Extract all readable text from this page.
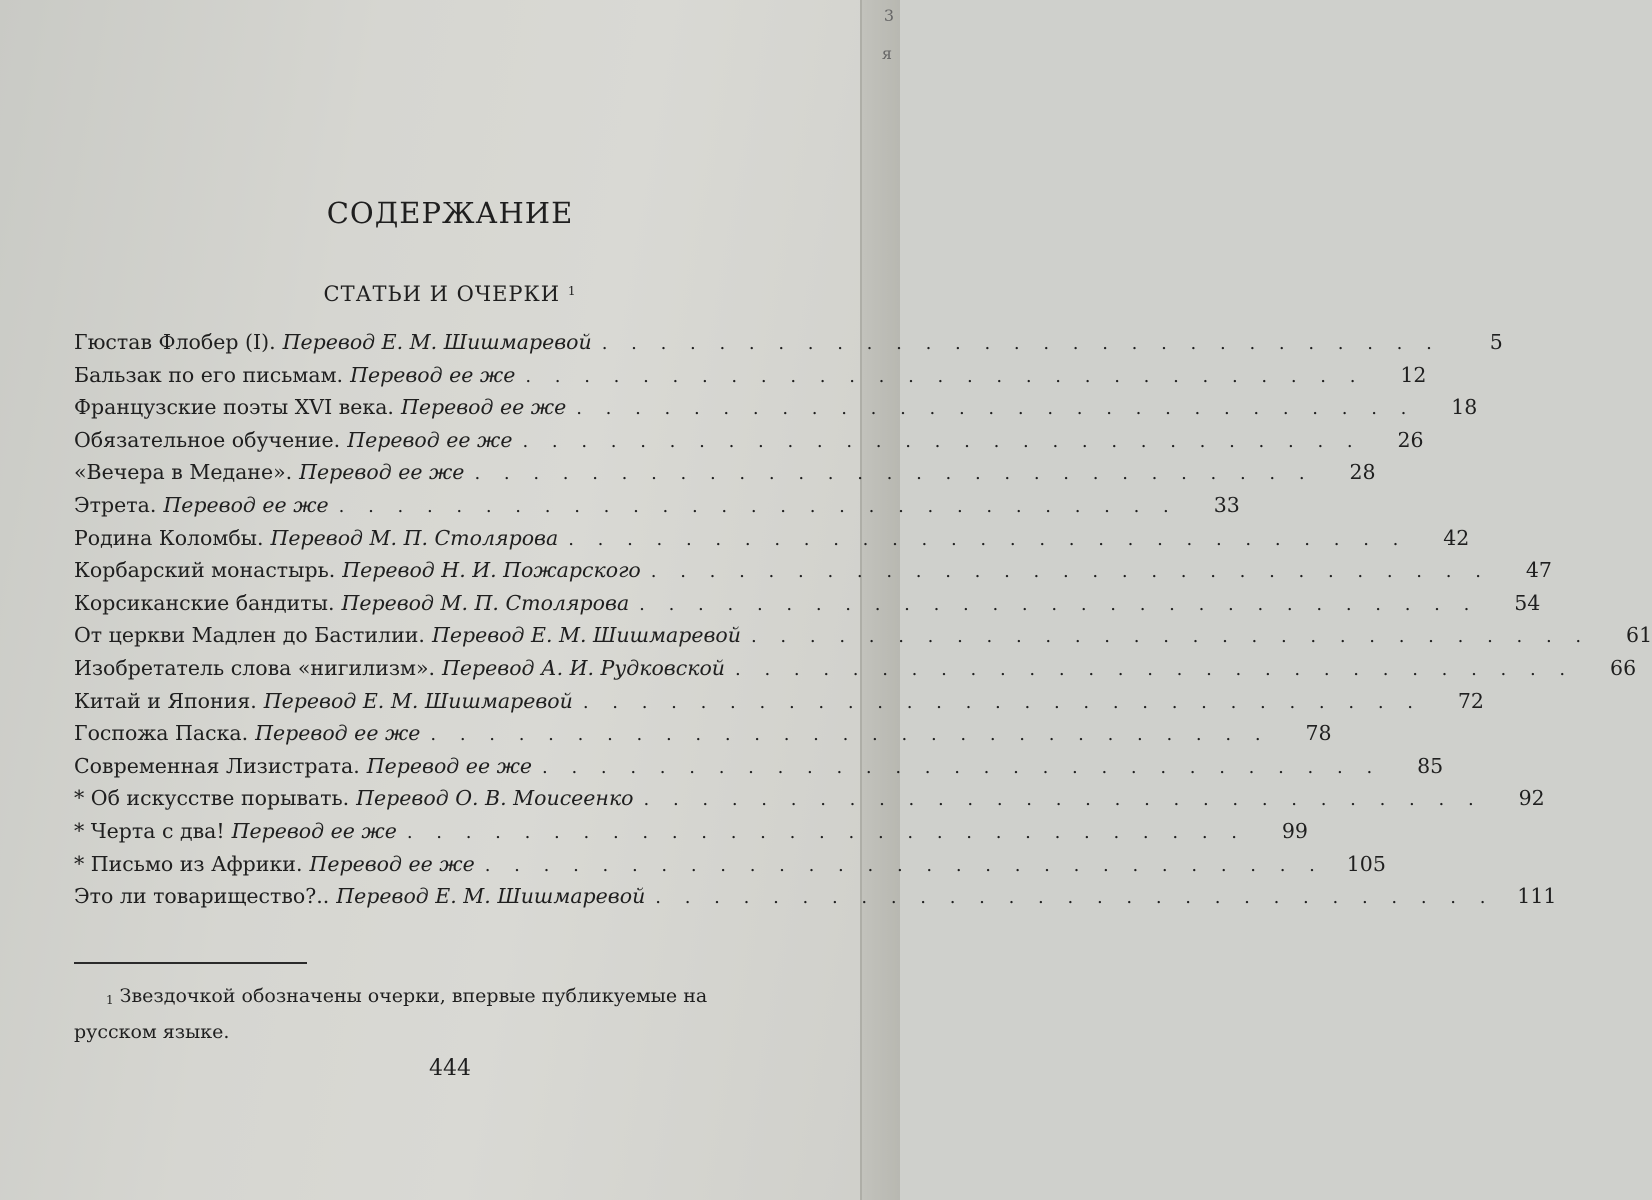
3
я
СОДЕРЖАНИЕ
СТАТЬИ И ОЧЕРКИ $^1$
Гюстав Флобер (I). Перевод Е. М. Шишмаревой . . . . . . . . . . . . . . . . . . . . . . . . . . . . .	5
Бальзак по его письмам. Перевод ее же . . . . . . . . . . . . . . . . . . . . . . . . . . . . .	12
Французские поэты XVI века. Перевод ее же . . . . . . . . . . . . . . . . . . . . . . . . . . . . .	18
Обязательное обучение. Перевод ее же . . . . . . . . . . . . . . . . . . . . . . . . . . . . .	26
«Вечера в Медане». Перевод ее же . . . . . . . . . . . . . . . . . . . . . . . . . . . . .	28
Этрета. Перевод ее же . . . . . . . . . . . . . . . . . . . . . . . . . . . . .	33
Родина Коломбы. Перевод М. П. Столярова . . . . . . . . . . . . . . . . . . . . . . . . . . . . .	42
Корбарский монастырь. Перевод Н. И. Пожарского . . . . . . . . . . . . . . . . . . . . . . . . . . . . .	47
Корсиканские бандиты. Перевод М. П. Столярова . . . . . . . . . . . . . . . . . . . . . . . . . . . . .	54
От церкви Мадлен до Бастилии. Перевод Е. М. Шишмаревой . . . . . . . . . . . . . . . . . . . . . . . . . . . . .	61
Изобретатель слова «нигилизм». Перевод А. И. Рудковской . . . . . . . . . . . . . . . . . . . . . . . . . . . . .	66
Китай и Япония. Перевод Е. М. Шишмаревой . . . . . . . . . . . . . . . . . . . . . . . . . . . . .	72
Госпожа Паска. Перевод ее же . . . . . . . . . . . . . . . . . . . . . . . . . . . . .	78
Современная Лизистрата. Перевод ее же . . . . . . . . . . . . . . . . . . . . . . . . . . . . .	85
* Об искусстве порывать. Перевод О. В. Моисеенко . . . . . . . . . . . . . . . . . . . . . . . . . . . . .	92
* Черта с два! Перевод ее же . . . . . . . . . . . . . . . . . . . . . . . . . . . . .	99
* Письмо из Африки. Перевод ее же . . . . . . . . . . . . . . . . . . . . . . . . . . . . .	105
Это ли товарищество?.. Перевод Е. М. Шишмаревой . . . . . . . . . . . . . . . . . . . . . . . . . . . . .	111
$^1$ Звездочкой обозначены очерки, впервые публикуемые на
русском языке.
444
